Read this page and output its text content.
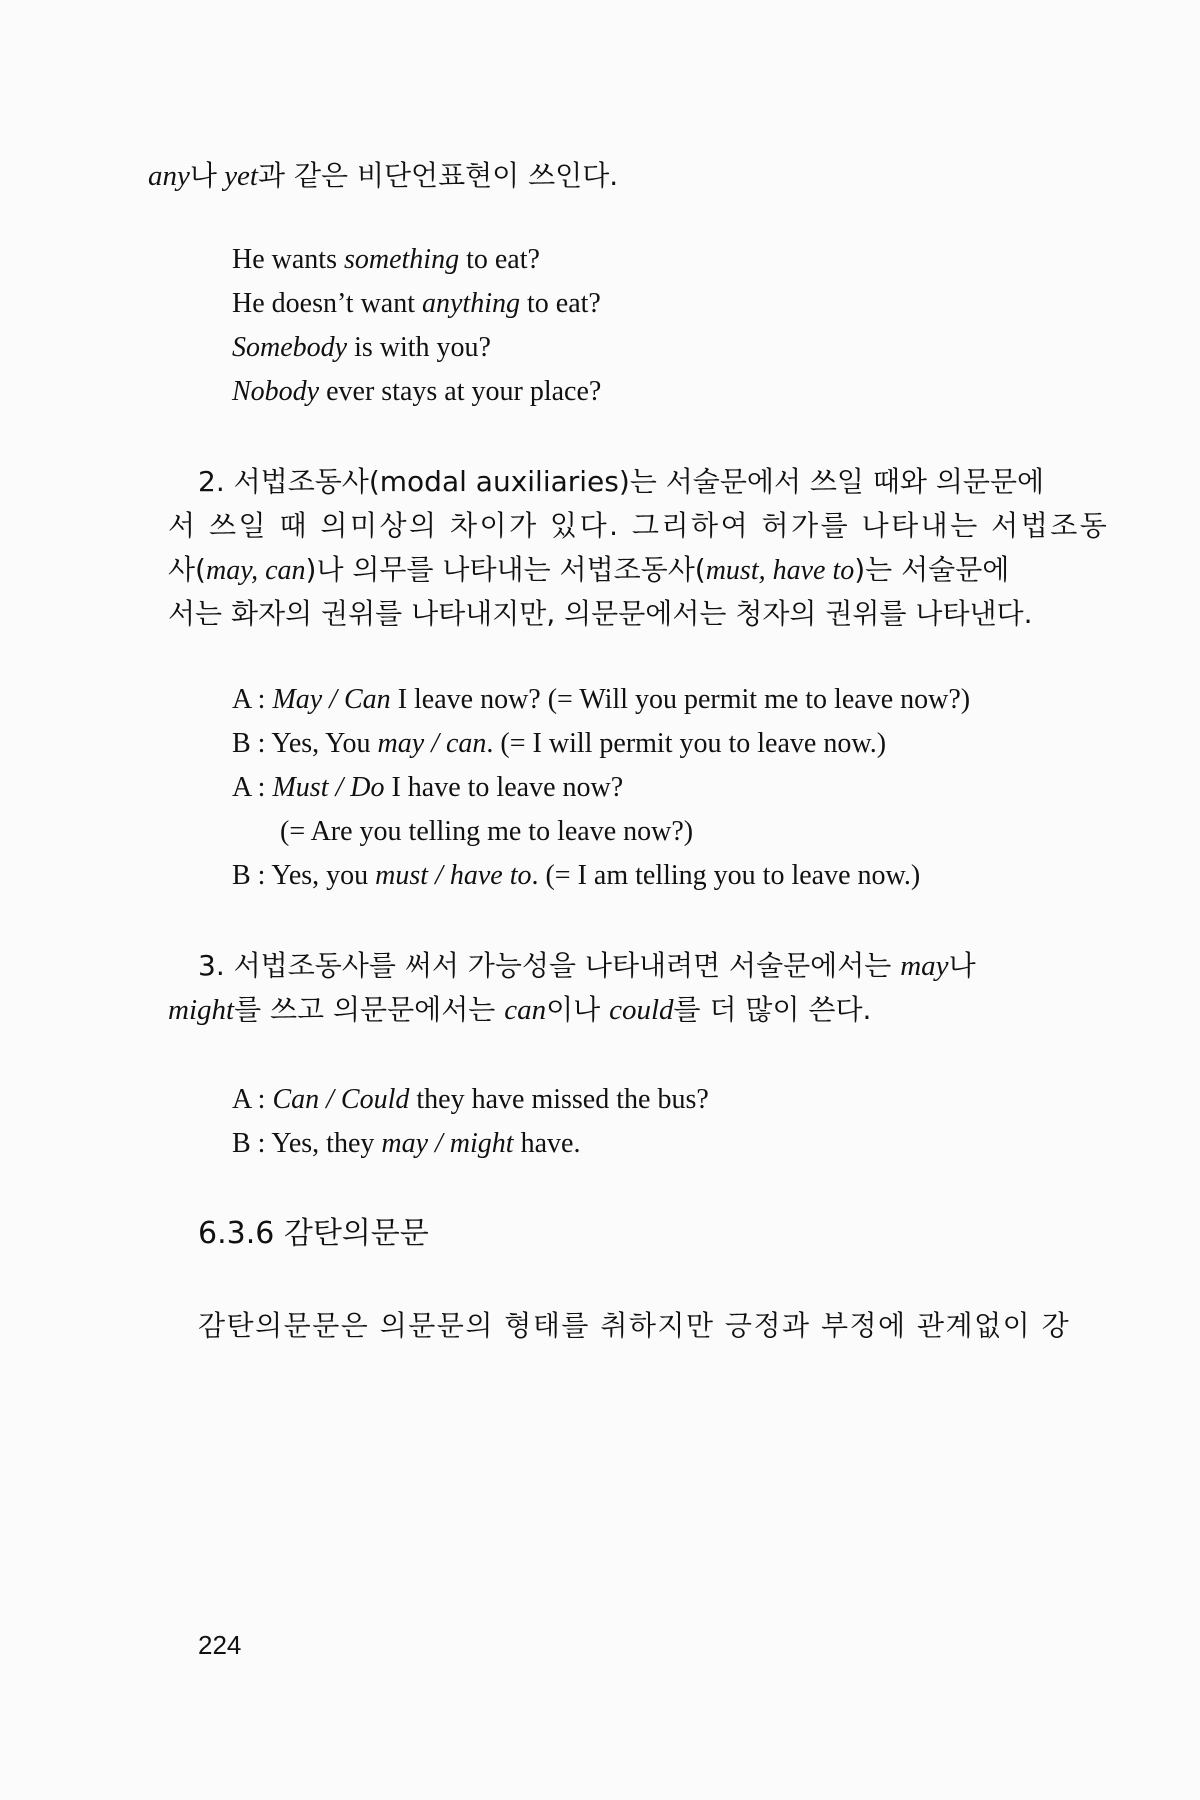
any나 yet과 같은 비단언표현이 쓰인다.
He wants something to eat?
He doesn’t want anything to eat?
Somebody is with you?
Nobody ever stays at your place?
2. 서법조동사(modal auxiliaries)는 서술문에서 쓰일 때와 의문문에
서 쓰일 때 의미상의 차이가 있다. 그리하여 허가를 나타내는 서법조동
사(may, can)나 의무를 나타내는 서법조동사(must, have to)는 서술문에
서는 화자의 권위를 나타내지만, 의문문에서는 청자의 권위를 나타낸다.
A : May / Can I leave now? (= Will you permit me to leave now?)
B : Yes, You may / can. (= I will permit you to leave now.)
A : Must / Do I have to leave now?
(= Are you telling me to leave now?)
B : Yes, you must / have to. (= I am telling you to leave now.)
3. 서법조동사를 써서 가능성을 나타내려면 서술문에서는 may나
might를 쓰고 의문문에서는 can이나 could를 더 많이 쓴다.
A : Can / Could they have missed the bus?
B : Yes, they may / might have.
6.3.6 감탄의문문
감탄의문문은 의문문의 형태를 취하지만 긍정과 부정에 관계없이 강
224
